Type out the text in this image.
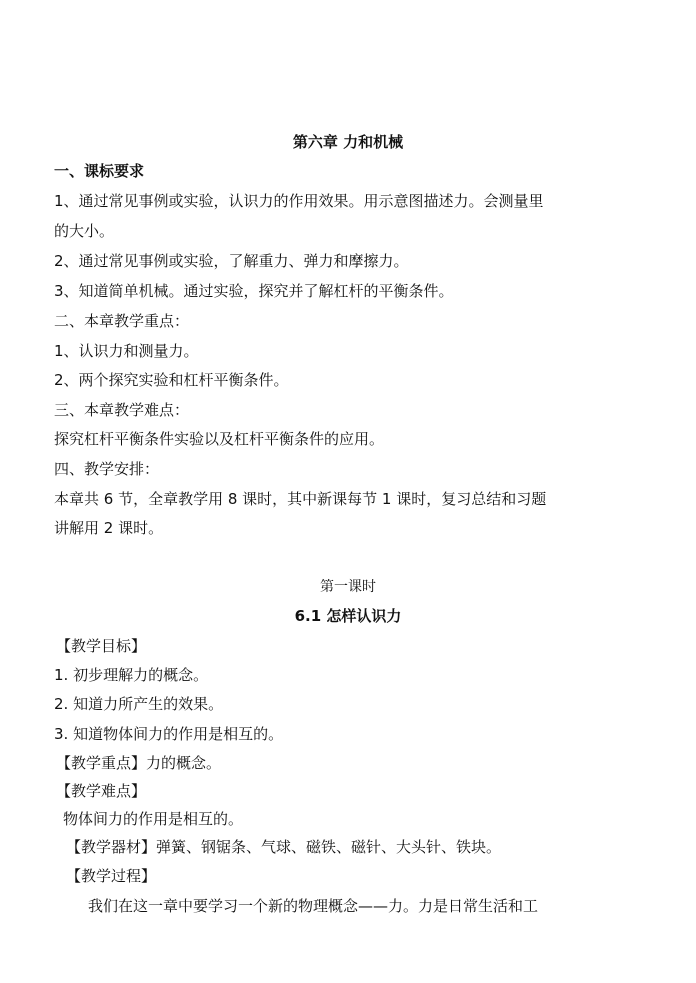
第六章 力和机械
一、课标要求
1、通过常见事例或实验，认识力的作用效果。用示意图描述力。会测量里
的大小。
2、通过常见事例或实验，了解重力、弹力和摩擦力。
3、知道简单机械。通过实验，探究并了解杠杆的平衡条件。
二、本章教学重点：
1、认识力和测量力。
2、两个探究实验和杠杆平衡条件。
三、本章教学难点：
探究杠杆平衡条件实验以及杠杆平衡条件的应用。
四、教学安排：
本章共 6 节，全章教学用 8 课时，其中新课每节 1 课时，复习总结和习题
讲解用 2 课时。
第一课时
6.1 怎样认识力
【教学目标】
1. 初步理解力的概念。
2. 知道力所产生的效果。
3. 知道物体间力的作用是相互的。
【教学重点】力的概念。
【教学难点】
物体间力的作用是相互的。
【教学器材】弹簧、钢锯条、气球、磁铁、磁针、大头针、铁块。
【教学过程】
我们在这一章中要学习一个新的物理概念——力。力是日常生活和工
